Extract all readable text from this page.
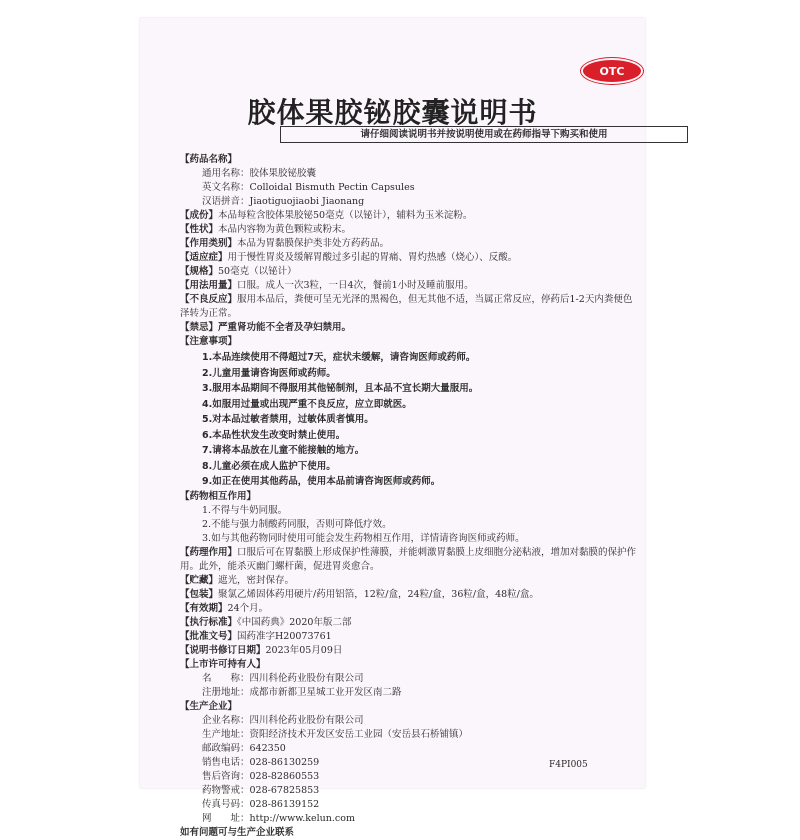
OTC
胶体果胶铋胶囊说明书
请仔细阅读说明书并按说明使用或在药师指导下购买和使用
【药品名称】
通用名称：胶体果胶铋胶囊
英文名称：Colloidal Bismuth Pectin Capsules
汉语拼音：Jiaotiguojiaobi Jiaonang
【成份】本品每粒含胶体果胶铋50毫克（以铋计），辅料为玉米淀粉。
【性状】本品内容物为黄色颗粒或粉末。
【作用类别】本品为胃黏膜保护类非处方药药品。
【适应症】用于慢性胃炎及缓解胃酸过多引起的胃痛、胃灼热感（烧心）、反酸。
【规格】50毫克（以铋计）
【用法用量】口服。成人一次3粒，一日4次，餐前1小时及睡前服用。
【不良反应】服用本品后，粪便可呈无光泽的黑褐色，但无其他不适，当属正常反应，停药后1-2天内粪便色泽转为正常。
【禁忌】严重肾功能不全者及孕妇禁用。
【注意事项】
1.本品连续使用不得超过7天，症状未缓解，请咨询医师或药师。
2.儿童用量请咨询医师或药师。
3.服用本品期间不得服用其他铋制剂，且本品不宜长期大量服用。
4.如服用过量或出现严重不良反应，应立即就医。
5.对本品过敏者禁用，过敏体质者慎用。
6.本品性状发生改变时禁止使用。
7.请将本品放在儿童不能接触的地方。
8.儿童必须在成人监护下使用。
9.如正在使用其他药品，使用本品前请咨询医师或药师。
【药物相互作用】
1.不得与牛奶同服。
2.不能与强力制酸药同服，否则可降低疗效。
3.如与其他药物同时使用可能会发生药物相互作用，详情请咨询医师或药师。
【药理作用】口服后可在胃黏膜上形成保护性薄膜，并能刺激胃黏膜上皮细胞分泌粘液，增加对黏膜的保护作用。此外，能杀灭幽门螺杆菌，促进胃炎愈合。
【贮藏】遮光，密封保存。
【包装】聚氯乙烯固体药用硬片/药用铝箔，12粒/盒，24粒/盒，36粒/盒，48粒/盒。
【有效期】24个月。
【执行标准】《中国药典》2020年版二部
【批准文号】国药准字H20073761
【说明书修订日期】2023年05月09日
【上市许可持有人】
名　　称：四川科伦药业股份有限公司
注册地址：成都市新都卫星城工业开发区南二路
【生产企业】
企业名称：四川科伦药业股份有限公司
生产地址：资阳经济技术开发区安岳工业园（安岳县石桥铺镇）
邮政编码：642350
销售电话：028-86130259
售后咨询：028-82860553
药物警戒：028-67825853
传真号码：028-86139152
网　　址：http://www.kelun.com
如有问题可与生产企业联系
F4PI005
